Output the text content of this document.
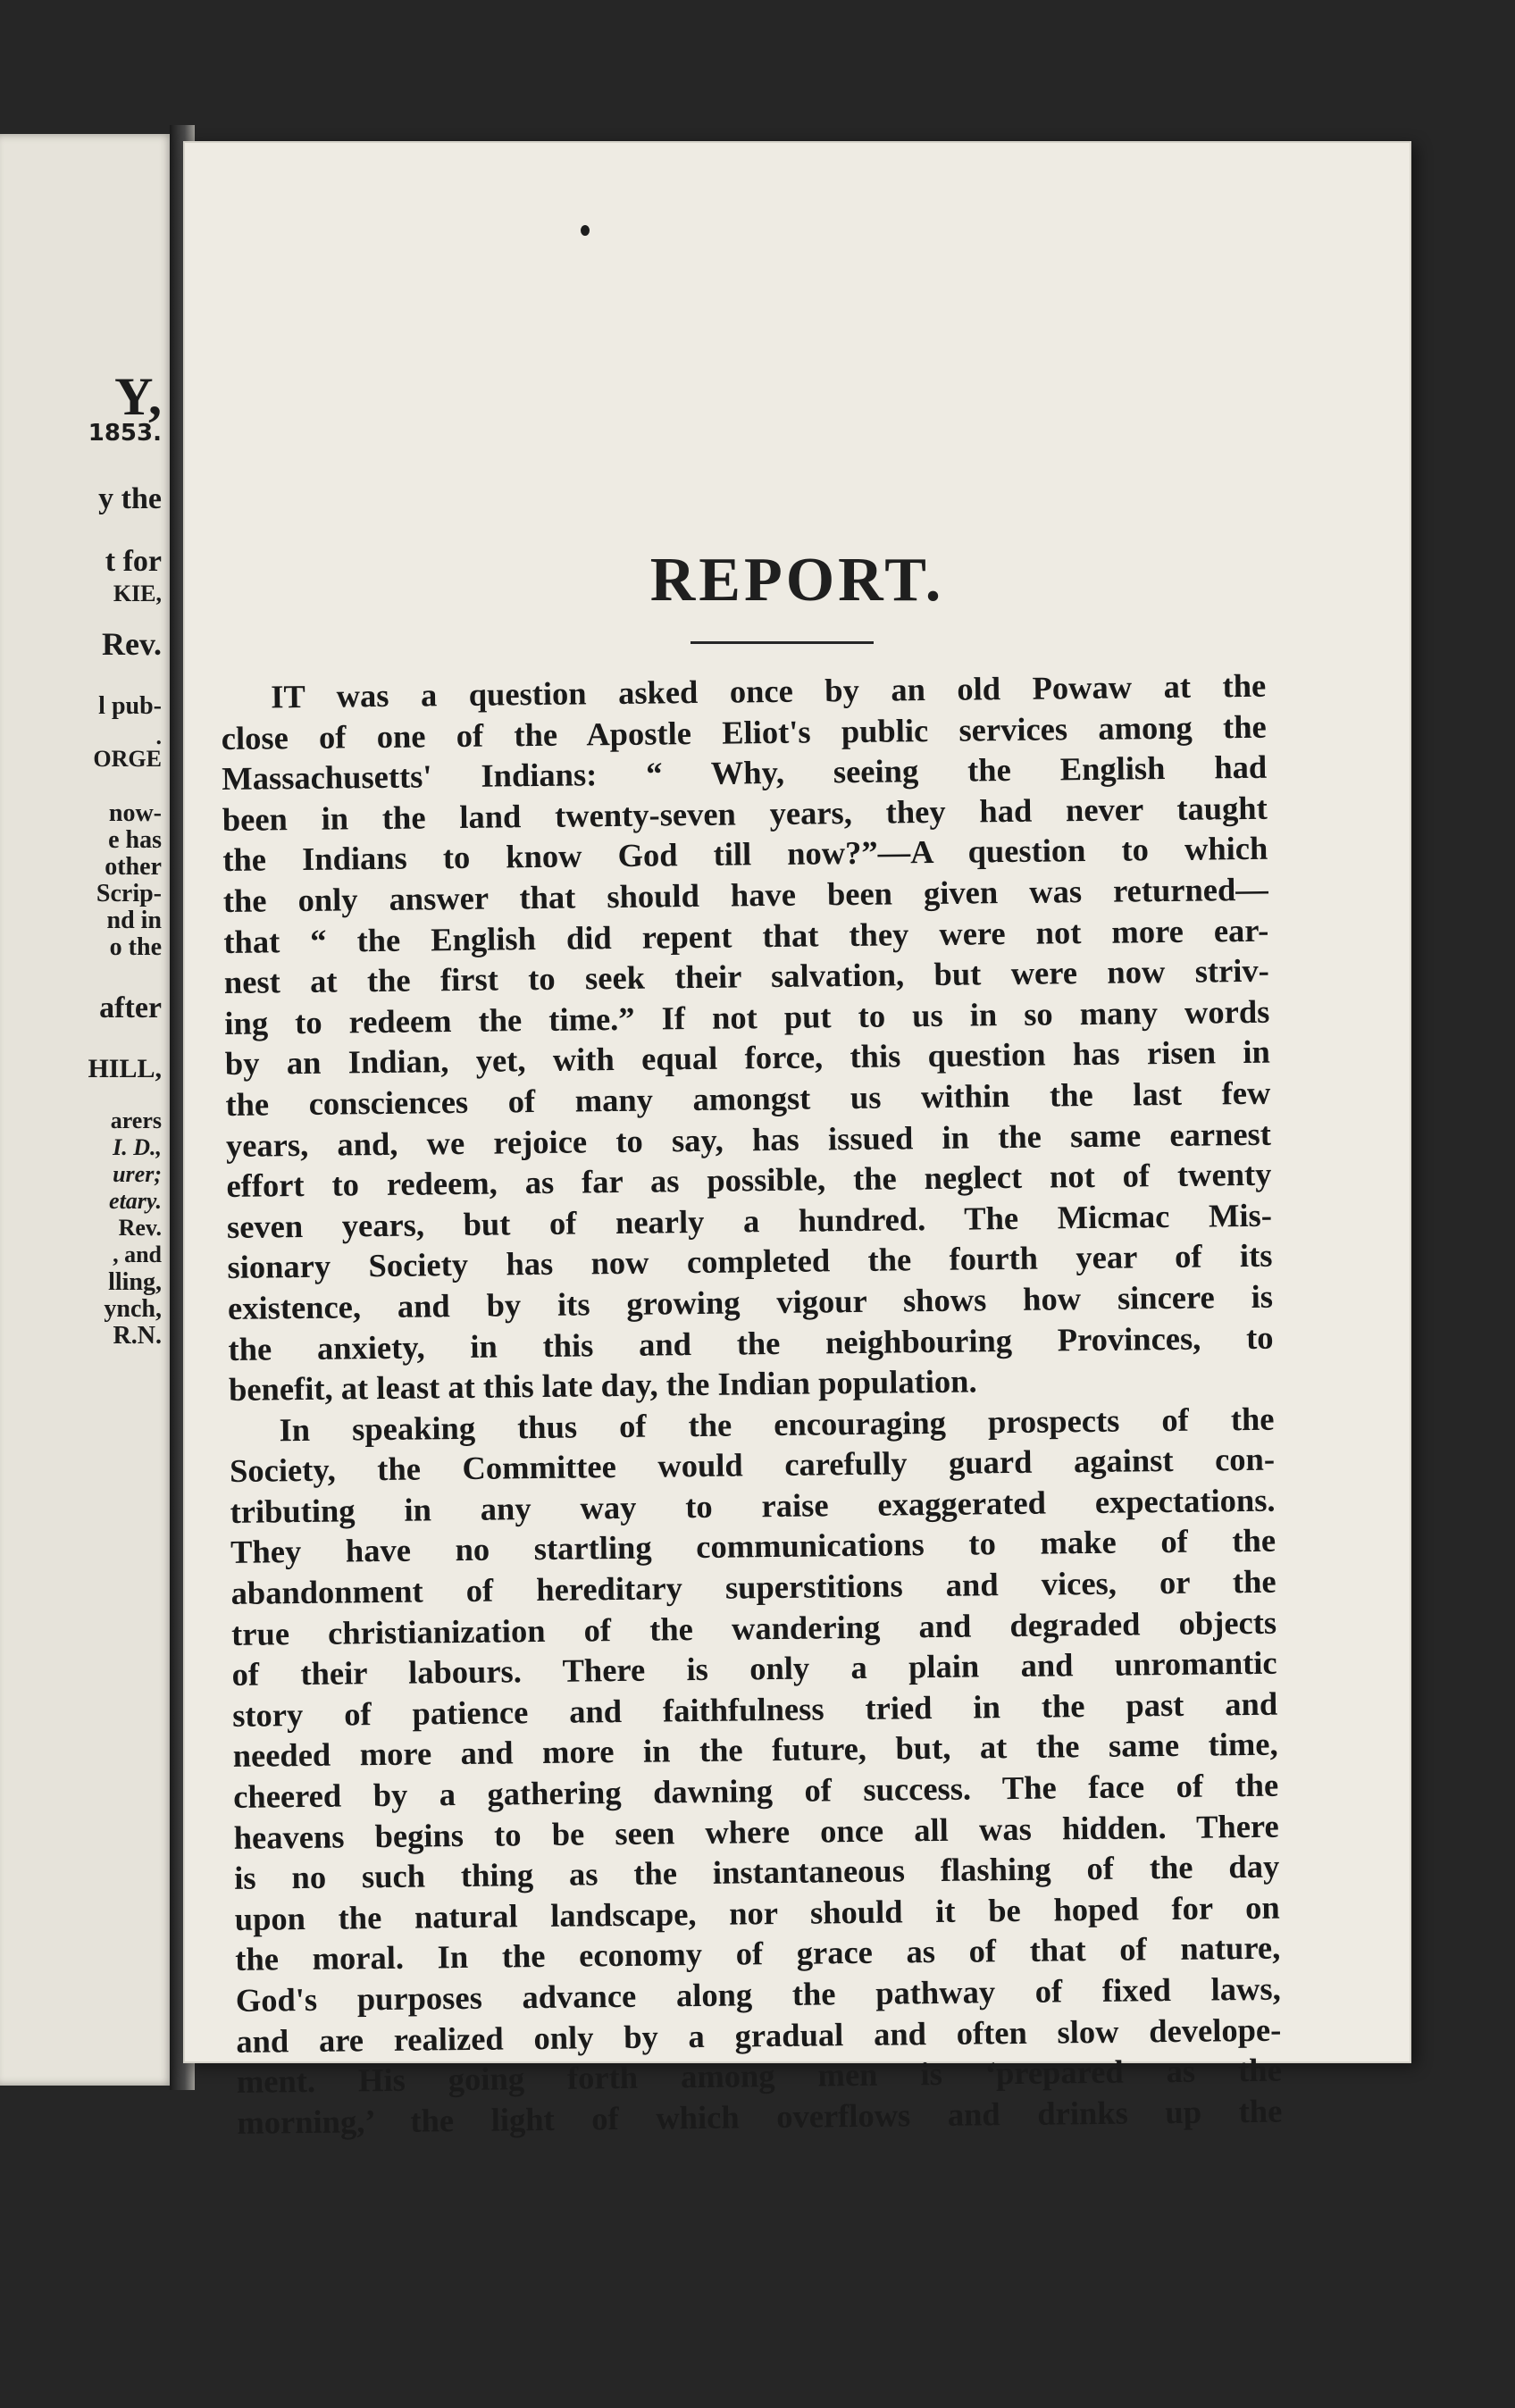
Y,
1853.
y the
t for
KIE,
Rev.
l pub-
.
ORGE
now-
e has
other
Scrip-
nd in
o the
after
HILL,
arers
I. D.,
urer;
etary.
Rev.
, and
lling,
ynch,
R.N.
REPORT.
IT was a question asked once by an old Powaw at the
close of one of the Apostle Eliot's public services among the
Massachusetts' Indians: “ Why, seeing the English had
been in the land twenty-seven years, they had never taught
the Indians to know God till now?”—A question to which
the only answer that should have been given was returned—
that “ the English did repent that they were not more ear-
nest at the first to seek their salvation, but were now striv-
ing to redeem the time.” If not put to us in so many words
by an Indian, yet, with equal force, this question has risen in
the consciences of many amongst us within the last few
years, and, we rejoice to say, has issued in the same earnest
effort to redeem, as far as possible, the neglect not of twenty
seven years, but of nearly a hundred. The Micmac Mis-
sionary Society has now completed the fourth year of its
existence, and by its growing vigour shows how sincere is
the anxiety, in this and the neighbouring Provinces, to
benefit, at least at this late day, the Indian population.
In speaking thus of the encouraging prospects of the
Society, the Committee would carefully guard against con-
tributing in any way to raise exaggerated expectations.
They have no startling communications to make of the
abandonment of hereditary superstitions and vices, or the
true christianization of the wandering and degraded objects
of their labours. There is only a plain and unromantic
story of patience and faithfulness tried in the past and
needed more and more in the future, but, at the same time,
cheered by a gathering dawning of success. The face of the
heavens begins to be seen where once all was hidden. There
is no such thing as the instantaneous flashing of the day
upon the natural landscape, nor should it be hoped for on
the moral. In the economy of grace as of that of nature,
God's purposes advance along the pathway of fixed laws,
and are realized only by a gradual and often slow develope-
ment. His going forth among men is ‘prepared as the
morning,’ the light of which overflows and drinks up the
